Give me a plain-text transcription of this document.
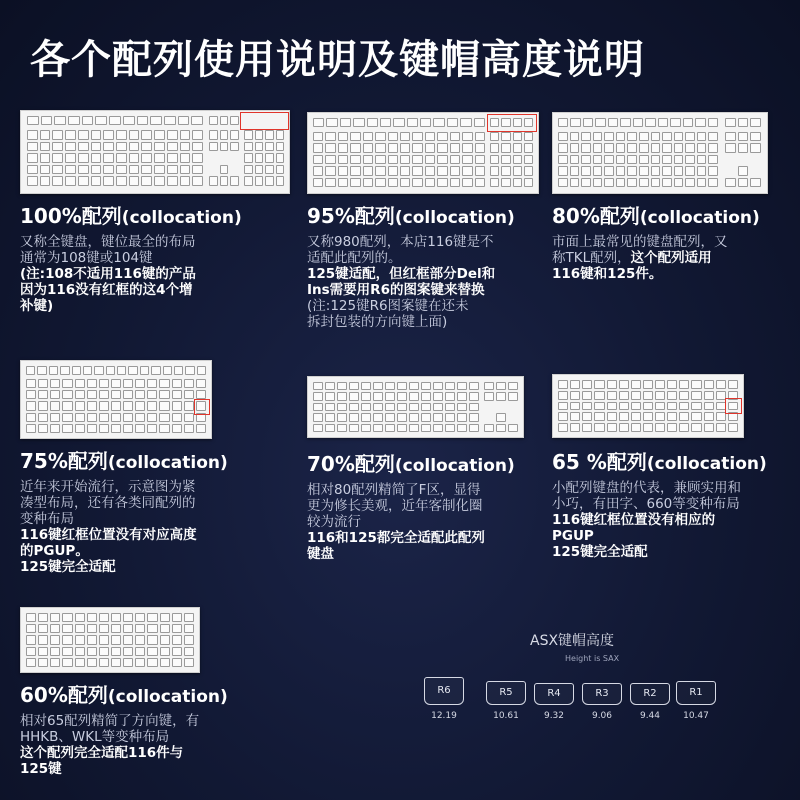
各个配列使用说明及键帽高度说明
100%配列(collocation)

又称全键盘，键位最全的布局
通常为108键或104键
(注:108不适用116键的产品
因为116没有红框的这4个增
补键)

95%配列(collocation)

又称980配列，本店116键是不
适配此配列的。
125键适配，但红框部分Del和
Ins需要用R6的图案键来替换
(注:125键R6图案键在还未
拆封包装的方向键上面)

80%配列(collocation)

市面上最常见的键盘配列，又
称TKL配列，这个配列适用
116键和125件。

75%配列(collocation)

近年来开始流行，示意图为紧
凑型布局，还有各类同配列的
变种布局
116键红框位置没有对应高度
的PGUP。
125键完全适配

70%配列(collocation)

相对80配列精简了F区，显得
更为修长美观，近年客制化圈
较为流行
116和125都完全适配此配列
键盘

65 %配列(collocation)

小配列键盘的代表，兼顾实用和
小巧，有田字、660等变种布局
116键红框位置没有相应的
PGUP
125键完全适配

60%配列(collocation)

相对65配列精简了方向键，有
HHKB、WKL等变种布局
这个配列完全适配116件与
125键

ASX键帽高度
Height is SAX
R6
12.19
R5
10.61
R4
9.32
R3
9.06
R2
9.44
R1
10.47
